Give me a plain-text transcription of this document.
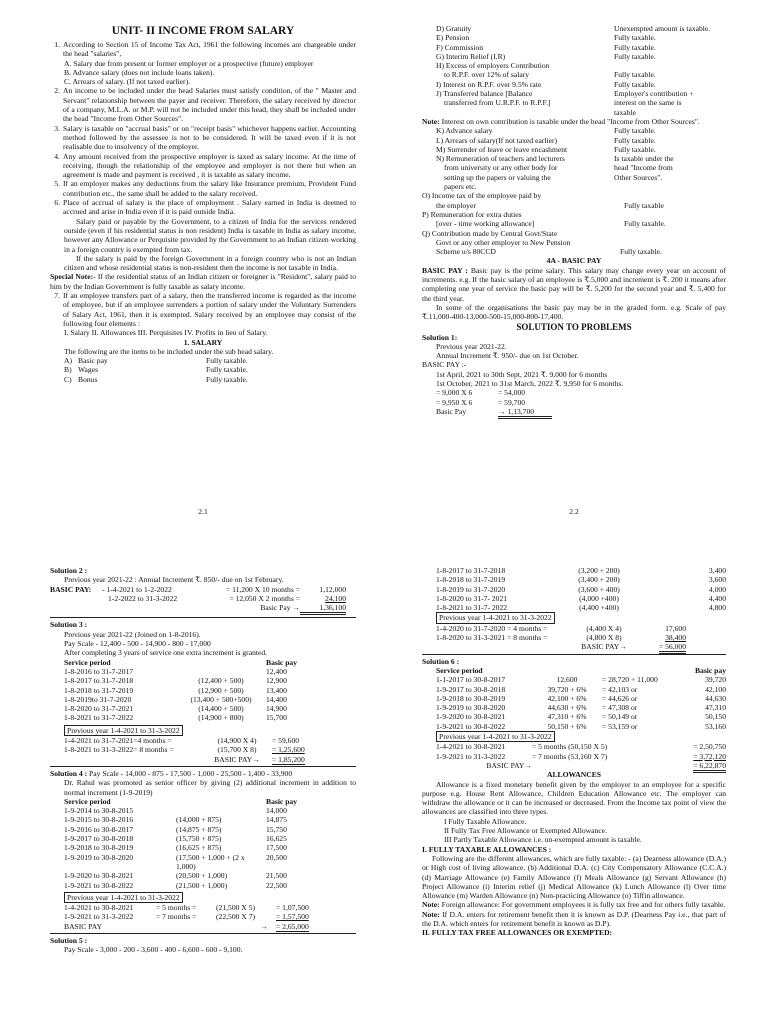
UNIT- II INCOME FROM SALARY
1. According to Section 15 of Income Tax Act, 1961 the following incomes are chargeable under the head "salaries",
A. Salary due from present or former employer or a prospective (future) employer
B. Advance salary (does not include loans taken).
C. Arrears of salary. (If not taxed earlier).
2. An income to be included under the head Salaries must satisfy condition, of the " Master and Servant" relationship between the payer and receiver. Therefore, the salary received by director of a company, M.L.A. or M.P. will not be included under this head, they shall be included under the head "Income from Other Sources".
3. Salary is taxable on "accrual basis" or on "receipt basis" whichever happens earlier. Accounting method followed by the assessee is not to be considered. It will be taxed even if it is not realisable due to insolvency of the employer.
4. Any amount received from the prospective employer is taxed as salary income. At the time of receiving, though the relationship of the employee and employer is not there but when an agreement is made and payment is received , it is taxable as salary income.
5. If an employer makes any deductions from the salary like Insurance premium, Provident Fund contribution etc., the same shall be added to the salary received.
6. Place of accrual of salary is the place of employment . Salary earned in India is deemed to accrued and arise in India even if it is paid outside India.

Salary paid or payable by the Government, to a citizen of India for the services rendered outside (even if his residential status is non resident) India is taxable in India as salary income, however any Allowance or Perquisite provided by the Government to an Indian citizen working in a foreign country is exempted from tax.

If the salary is paid by the foreign Government in a foreign country who is not an Indian citizen and whose residential status is non-resident then the income is not taxable in India.

Special Note:- If the residential status of an Indian citizen or foreigner is "Resident", salary paid to him by the Indian Government is fully taxable as salary income.

7. If an employee transfers part of a salary, then the transferred income is regarded as the income of employee, but if an employee surrenders a portion of salary under the Voluntary Surrenders of Salary Act, 1961, then it is exempted. Salary received by an employee may consist of the following four elements :
I. Salary II. Allowances III. Perquisites IV. Profits in lieu of Salary.
1. SALARY
The following are the items to be included under the sub head salary.
A) Basic pay	Fully taxable.
B) Wages	Fully taxable.
C) Bonus	Fully taxable.
2.1
D) Gratuity	Unexempted amount is taxable.
E) Pension	Fully taxable.
F) Commission	Fully taxable.
G) Interim Relief (I.R)	Fully taxable.
H) Excess of employers Contribution
to R.P.F. over 12% of salary	Fully taxable.
I) Interest on R.P.F. over 9.5% rate	Fully taxable.
J) Transferred balance [Balance	Employer's contribution +
transferred from U.R.P.F. to R.P.F.]	interest on the same is
taxable

Note: Interest on own contribution is taxable under the head "Income from Other Sources".

K) Advance salary	Fully taxable.
L) Arrears of salary(If not taxed earlier)	Fully taxable.
M) Surrender of leave or leave encashment	Fully taxable.
N) Remuneration of teachers and lecturers	Is taxable under the
from university or any other body for	head "Income from
setting up the papers or valuing the	Other Sources".
papers etc.
O) Income tax of the employee paid by
the employer	Fully taxable
P) Remuneration for extra duties
[over - time working allowance]	Fully taxable.
Q) Contribution made by Central Govt/State
Govt or any other employer to New Pension
Scheme u/s 80CCD	Fully taxable.
4A - BASIC PAY

BASIC PAY : Basic pay is the prime salary. This salary may change every year on account of increments. e.g. If the basic salary of an employee is ₹.5,000 and increment is ₹. 200 it means after completing one year of service the basic pay will be ₹. 5,200 for the second year and ₹. 5,400 for the third year.

In some of the organisations the basic pay may be in the graded form. e.g. Scale of pay ₹.11,000-400-13,000-500-15,000-800-17,400.

SOLUTION TO PROBLEMS
Solution 1:
Previous year 2021-22.
Annual Increment ₹. 950/- due on 1st October.
BASIC PAY :-
1st April, 2021 to 30th Sept, 2021 ₹. 9,000 for 6 months
1st October, 2021 to 31st March, 2022 ₹. 9,950 for 6 months.
= 9,000 X 6	= 54,000
= 9,950 X 6	= 59,700
Basic Pay	→ 1,13,700
2.2
Solution 2 :
Previous year 2021-22 : Annual Increment ₹. 850/- due on 1st February.
BASIC PAY:	- 1-4-2021 to 1-2-2022	= 11,200 X 10 months =	1,12,000
1-2-2022 to 31-3-2022	= 12,050 X 2 months =	24,100
Basic Pay →	1,36,100
Solution 3 :
Previous year 2021-22 (Joined on 1-8-2016).
Pay Scale - 12,400 - 500 - 14,900 - 800 - 17,000
After completing 3 years of service one extra increment is granted.
Service period	Basic pay
1-8-2016 to 31-7-2017	12,400
1-8-2017 to 31-7-2018	(12,400 + 500)	12,900
1-8-2018 to 31-7-2019	(12,900 + 500)	13,400
1-8-2019to 31-7-2020	(13,400 + 500+500)	14,400
1-8-2020 to 31-7-2021	(14,400 + 500)	14,900
1-8-2021 to 31-7-2022	(14,900 + 800)	15,700
Previous year 1-4-2021 to 31-3-2022
1-4-2021 to 31-7-2021=4 months =	(14,900 X 4)	= 59,600
1-8-2021 to 31-3-2022= 8 months =	(15,700 X 8)	= 1,25,600
BASIC PAY→	= 1,85,200
Solution 4 : Pay Scale - 14,000 - 875 - 17,500 - 1,000 - 25,500 - 1,400 - 33,900

Dr. Rahul was promoted as senior officer by giving (2) additional increment in addition to normal increment (1-9-2019)

Service period	Basic pay
1-9-2014 to 30-8-2015	14,000
1-9-2015 to 30-8-2016	(14,000 + 875)	14,875
1-9-2016 to 30-8-2017	(14,875 + 875)	15,750
1-9-2017 to 30-8-2018	(15,750 + 875)	16,625
1-9-2018 to 30-8-2019	(16,625 + 875)	17,500
1-9-2019 to 30-8-2020	(17,500 + 1,000 + (2 x 1,000)
20,500
1-9-2020 to 30-8-2021	(20,500 + 1,000)	21,500
1-9-2021 to 30-8-2022	(21,500 + 1,000)	22,500
Previous year 1-4-2021 to 31-3-2022
1-4-2021 to 30-8-2021	= 5 months =	(21,500 X 5)	= 1,07,500
1-9-2021 to 31-3-2022	= 7 months =	(22,500 X 7)	= 1,57,500
BASIC PAY	→	= 2,65,000
Solution 5 :
Pay Scale - 3,000 - 200 - 3,600 - 400 - 6,600 - 600 - 9,100.
1-8-2017 to 31-7-2018	(3,200 + 200)	3,400
1-8-2018 to 31-7-2019	(3,400 + 200)	3,600
1-8-2019 to 31-7-2020	(3,600 + 400)	4,000
1-8-2020 to 31-7- 2021	(4,000 +400)	4,400
1-8-2021 to 31-7- 2022	(4,400 +400)	4,800
Previous year 1-4-2021 to 31-3-2022
1-4-2020 to 31-7-2020 = 4 months =	(4,400 X 4)	17,600
1-8-2020 to 31-3-2021 = 8 months =	(4,800 X 8)	38,400
BASIC PAY→	= 56,000
Solution 6 :
Service period	Basic pay
1-1-2017 to 30-8-2017	12,600	= 28,720 + 11,000	39,720
1-9-2017 to 30-8-2018	39,720 + 6%	= 42,103 or	42,100
1-9-2018 to 30-8-2019	42,100 + 6%	= 44,626 or	44,630
1-9-2019 to 30-8-2020	44,630 + 6%	= 47,308 or	47,310
1-9-2020 to 30-8-2021	47,310 + 6%	= 50,149 or	50,150
1-9-2021 to 30-8-2022	50,150 + 6%	= 53,159 or	53,160
Previous year 1-4-2021 to 31-3-2022
1-4-2021 to 30-8-2021	= 5 months (50,150 X 5)	= 2,50,750
1-9-2021 to 31-3-2022	= 7 months (53,160 X 7)	= 3,72,120
BASIC PAY→	= 6,22,870
ALLOWANCES

Allowance is a fixed monetary benefit given by the employer to an employee for a specific purpose e.g. House Rent Allowance, Children Education Allowance etc. The employer can withdraw the allowance or it can be increased or decreased. From the Income tax point of view the allowances are classified into three types.

I Fully Taxable Allowance.
II Fully Tax Free Allowance or Exempted Allowance.
III Partly Taxable Allowance i.e. un-exempted amount is taxable.
I. FULLY TAXABLE ALLOWANCES :

Following are the different allowances, which are fully taxable: - (a) Dearness allowance (D.A.) or High cost of living allowance. (b) Additional D.A. (c) City Compensatory Allowance (C.C.A.) (d) Marriage Allowance (e) Family Allowance (f) Meals Allowance (g) Servant Allowance (h) Project Allowance (i) Interim relief (j) Medical Allowance (k) Lunch Allowance (l) Over time Allowance (m) Warden Allowance (n) Non-practicing Allowance (o) Tiffin allowance.

Note: Foreign allowance: For government employees it is fully tax free and for others fully taxable.

Note: If D.A. enters for retirement benefit then it is known as D.P. (Dearness Pay i.e., that part of the D.A. which enters for retirement benefit is known as D.P).

II. FULLY TAX FREE ALLOWANCES OR EXEMPTED:
